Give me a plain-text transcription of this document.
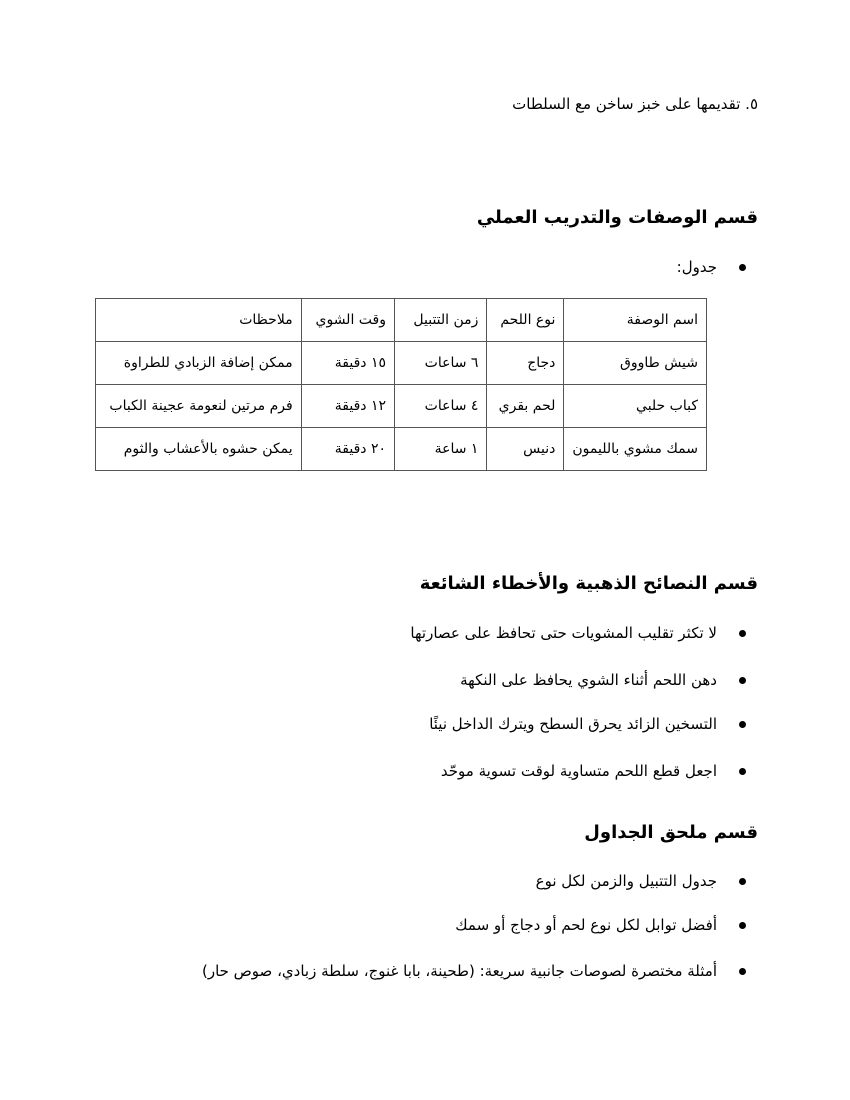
٥. تقديمها على خبز ساخن مع السلطات
قسم الوصفات والتدريب العملي
جدول:
اسم الوصفة	نوع اللحم	زمن التتبيل	وقت الشوي	ملاحظات
شيش طاووق	دجاج	٦ ساعات	١٥ دقيقة	ممكن إضافة الزبادي للطراوة
كباب حلبي	لحم بقري	٤ ساعات	١٢ دقيقة	فرم مرتين لنعومة عجينة الكباب
سمك مشوي بالليمون	دنيس	١ ساعة	٢٠ دقيقة	يمكن حشوه بالأعشاب والثوم
قسم النصائح الذهبية والأخطاء الشائعة
لا تكثر تقليب المشويات حتى تحافظ على عصارتها
دهن اللحم أثناء الشوي يحافظ على النكهة
التسخين الزائد يحرق السطح ويترك الداخل نيئًا
اجعل قطع اللحم متساوية لوقت تسوية موحّد
قسم ملحق الجداول
جدول التتبيل والزمن لكل نوع
أفضل توابل لكل نوع لحم أو دجاج أو سمك
أمثلة مختصرة لصوصات جانبية سريعة: (طحينة، بابا غنوج، سلطة زبادي، صوص حار)
